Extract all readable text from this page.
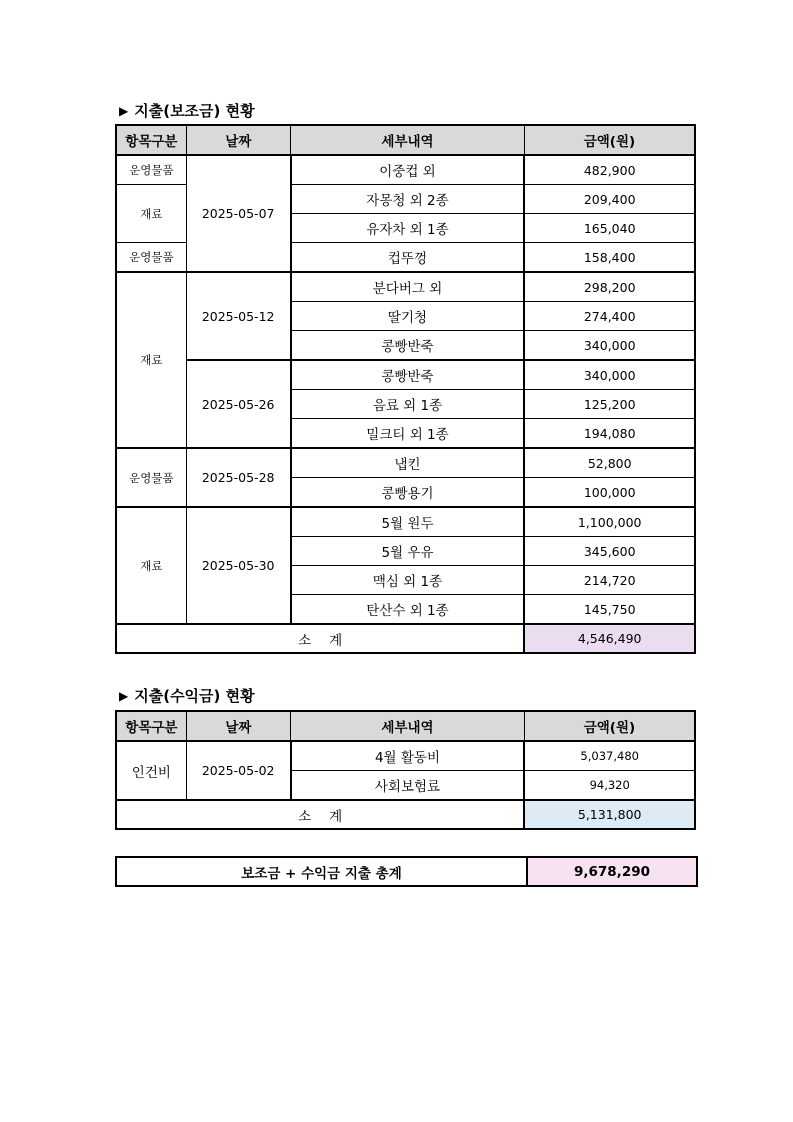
▶ 지출(보조금) 현황
항목구분	날짜	세부내역	금액(원)
운영물품	2025-05-07	이중컵 외	482,900
재료		자몽청 외 2종	209,400
		유자차 외 1종	165,040
운영물품		컵뚜껑	158,400
재료	2025-05-12	분다버그 외	298,200
		딸기청	274,400
		콩빵반죽	340,000
	2025-05-26	콩빵반죽	340,000
		음료 외 1종	125,200
		밀크티 외 1종	194,080
운영물품	2025-05-28	냅킨	52,800
		콩빵용기	100,000
재료	2025-05-30	5월 원두	1,100,000
		5월 우유	345,600
		맥심 외 1종	214,720
		탄산수 외 1종	145,750
소계			4,546,490
▶ 지출(수익금) 현황
항목구분	날짜	세부내역	금액(원)
인건비	2025-05-02	4월 활동비	5,037,480
		사회보험료	94,320
소계			5,131,800
보조금 + 수익금 지출 총계	9,678,290
